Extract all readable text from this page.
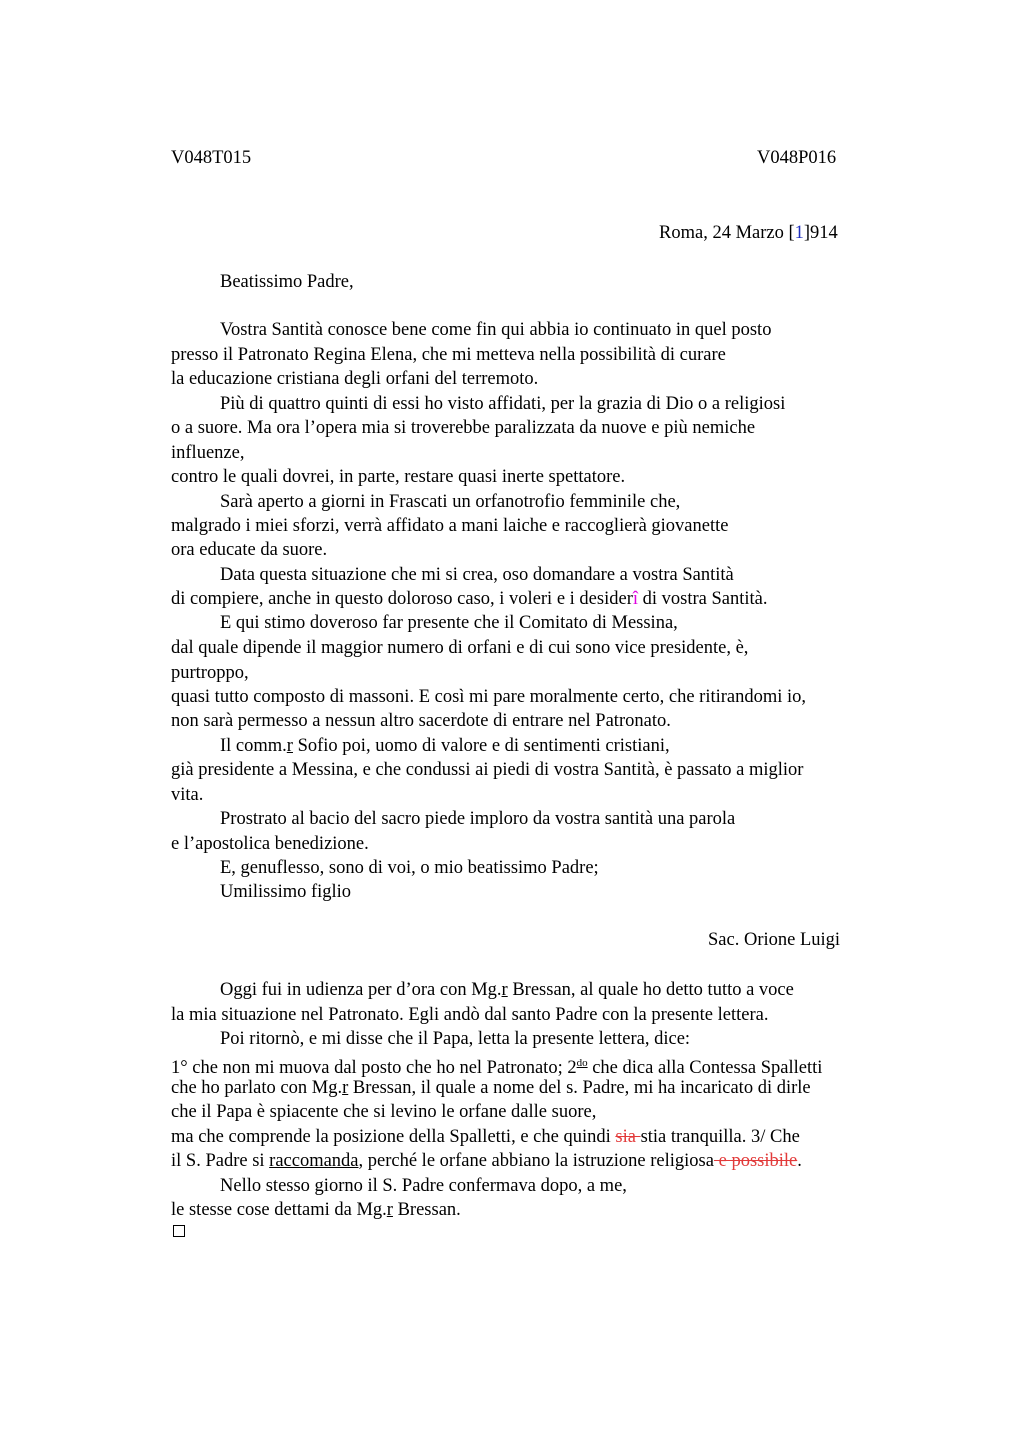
V048T015	V048P016
Roma, 24 Marzo [1]914
Beatissimo Padre,
Vostra Santità conosce bene come fin qui abbia io continuato in quel posto
presso il Patronato Regina Elena, che mi metteva nella possibilità di curare
la educazione cristiana degli orfani del terremoto.
Più di quattro quinti di essi ho visto affidati, per la grazia di Dio o a religiosi
o a suore. Ma ora l’opera mia si troverebbe paralizzata da nuove e più nemiche
influenze,
contro le quali dovrei, in parte, restare quasi inerte spettatore.
Sarà aperto a giorni in Frascati un orfanotrofio femminile che,
malgrado i miei sforzi, verrà affidato a mani laiche e raccoglierà giovanette
ora educate da suore.
Data questa situazione che mi si crea, oso domandare a vostra Santità
di compiere, anche in questo doloroso caso, i voleri e i desiderî di vostra Santità.
E qui stimo doveroso far presente che il Comitato di Messina,
dal quale dipende il maggior numero di orfani e di cui sono vice presidente, è,
purtroppo,
quasi tutto composto di massoni. E così mi pare moralmente certo, che ritirandomi io,
non sarà permesso a nessun altro sacerdote di entrare nel Patronato.
Il comm.r Sofio poi, uomo di valore e di sentimenti cristiani,
già presidente a Messina, e che condussi ai piedi di vostra Santità, è passato a miglior
vita.
Prostrato al bacio del sacro piede imploro da vostra santità una parola
e l’apostolica benedizione.
E, genuflesso, sono di voi, o mio beatissimo Padre;
Umilissimo figlio
Sac. Orione Luigi
Oggi fui in udienza per d’ora con Mg.r Bressan, al quale ho detto tutto a voce
la mia situazione nel Patronato. Egli andò dal santo Padre con la presente lettera.
Poi ritornò, e mi disse che il Papa, letta la presente lettera, dice:
1° che non mi muova dal posto che ho nel Patronato; $2^{do}$ che dica alla Contessa Spalletti
che ho parlato con Mg.r Bressan, il quale a nome del s. Padre, mi ha incaricato di dirle
che il Papa è spiacente che si levino le orfane dalle suore,
ma che comprende la posizione della Spalletti, e che quindi sia stia tranquilla. 3/ Che
il S. Padre si raccomanda, perché le orfane abbiano la istruzione religiosa e possibile.
Nello stesso giorno il S. Padre confermava dopo, a me,
le stesse cose dettami da Mg.r Bressan.
